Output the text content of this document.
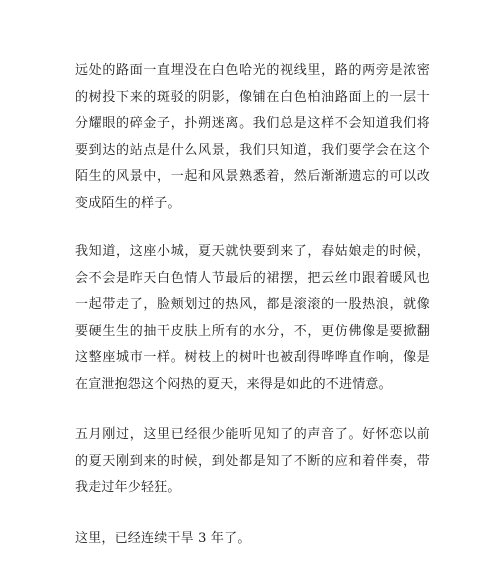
远处的路面一直埋没在白色哈光的视线里，路的两旁是浓密的树投下来的斑驳的阴影，像铺在白色柏油路面上的一层十分耀眼的碎金子，扑朔迷离。我们总是这样不会知道我们将要到达的站点是什么风景，我们只知道，我们要学会在这个陌生的风景中，一起和风景熟悉着，然后渐渐遗忘的可以改变成陌生的样子。

我知道，这座小城，夏天就快要到来了，春姑娘走的时候，会不会是昨天白色情人节最后的裙摆，把云丝巾跟着暖风也一起带走了，脸颊划过的热风，都是滚滚的一股热浪，就像要硬生生的抽干皮肤上所有的水分，不，更仿佛像是要掀翻这整座城市一样。树枝上的树叶也被刮得哗哗直作响，像是在宣泄抱怨这个闷热的夏天，来得是如此的不进情意。

五月刚过，这里已经很少能听见知了的声音了。好怀恋以前的夏天刚到来的时候，到处都是知了不断的应和着伴奏，带我走过年少轻狂。

这里，已经连续干旱 3 年了。
